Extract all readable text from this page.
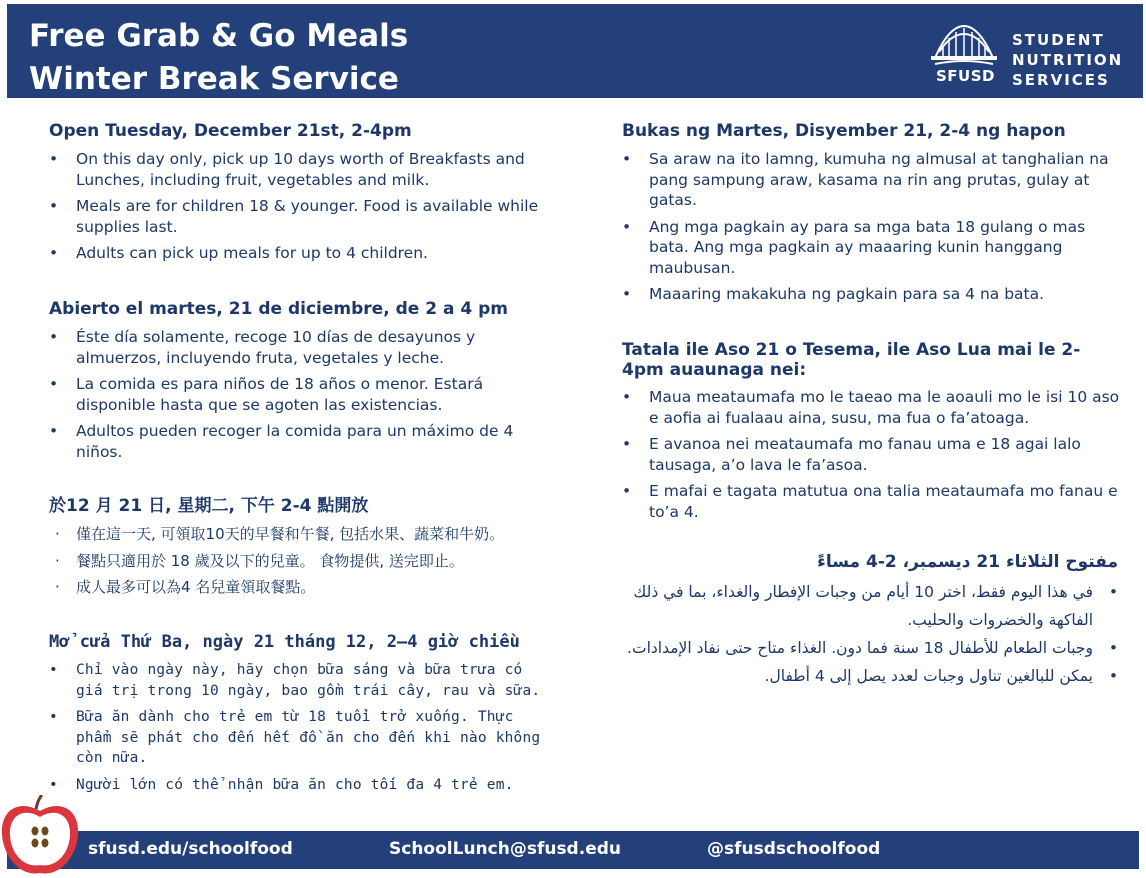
Free Grab & Go Meals
Winter Break Service	SFUSD
STUDENT
NUTRITION
SERVICES
Open Tuesday, December 21st, 2-4pm
• On this day only, pick up 10 days worth of Breakfasts and Lunches, including fruit, vegetables and milk.
• Meals are for children 18 & younger. Food is available while supplies last.
• Adults can pick up meals for up to 4 children.
Abierto el martes, 21 de diciembre, de 2 a 4 pm
• Éste día solamente, recoge 10 días de desayunos y almuerzos, incluyendo fruta, vegetales y leche.
• La comida es para niños de 18 años o menor. Estará disponible hasta que se agoten las existencias.
• Adultos pueden recoger la comida para un máximo de 4 niños.
於12 月 21 日, 星期二, 下午 2-4 點開放
· 僅在這一天, 可領取10天的早餐和午餐, 包括水果、蔬菜和牛奶。
· 餐點只適用於 18 歲及以下的兒童。 食物提供, 送完即止。
· 成人最多可以為4 名兒童領取餐點。
Mở cửa Thứ Ba, ngày 21 tháng 12, 2–4 giờ chiều
• Chỉ vào ngày này, hãy chọn bữa sáng và bữa trưa có giá trị trong 10 ngày, bao gồm trái cây, rau và sữa.
• Bữa ăn dành cho trẻ em từ 18 tuổi trở xuống. Thực phẩm sẽ phát cho đến hết đồ ăn cho đến khi nào không còn nữa.
• Người lớn có thể nhận bữa ăn cho tối đa 4 trẻ em.
Bukas ng Martes, Disyember 21, 2-4 ng hapon
• Sa araw na ito lamng, kumuha ng almusal at tanghalian na pang sampung araw, kasama na rin ang prutas, gulay at gatas.
• Ang mga pagkain ay para sa mga bata 18 gulang o mas bata. Ang mga pagkain ay maaaring kunin hanggang maubusan.
• Maaaring makakuha ng pagkain para sa 4 na bata.
Tatala ile Aso 21 o Tesema, ile Aso Lua mai le 2-4pm auaunaga nei:
• Maua meataumafa mo le taeao ma le aoauli mo le isi 10 aso e aofia ai fualaau aina, susu, ma fua o fa’atoaga.
• E avanoa nei meataumafa mo fanau uma e 18 agai lalo tausaga, a’o lava le fa’asoa.
• E mafai e tagata matutua ona talia meataumafa mo fanau e to’a 4.
مفتوح الثلاثاء 21 ديسمبر، 2-4 مساءً
• في هذا اليوم فقط، اختر 10 أيام من وجبات الإفطار والغداء، بما في ذلك الفاكهة والخضروات والحليب.
• وجبات الطعام للأطفال 18 سنة فما دون. الغذاء متاح حتى نفاد الإمدادات.
• يمكن للبالغين تناول وجبات لعدد يصل إلى 4 أطفال.
sfusd.edu/schoolfood	SchoolLunch@sfusd.edu	@sfusdschoolfood
